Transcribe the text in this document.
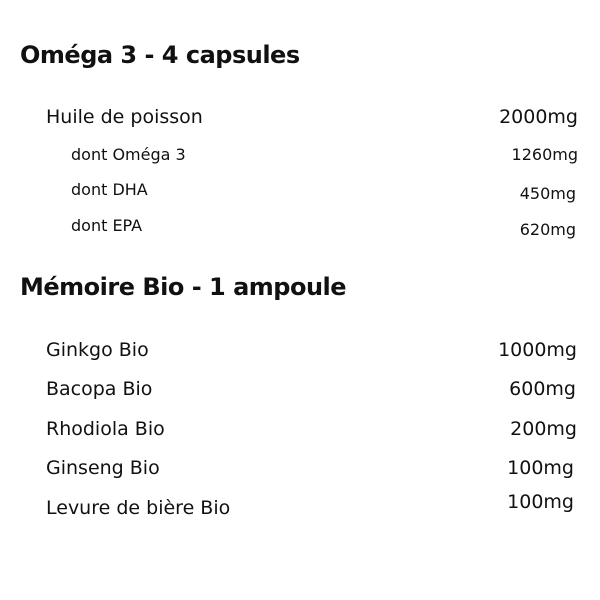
Oméga 3 - 4 capsules
Huile de poisson	2000mg
dont Oméga 3	1260mg
dont DHA	450mg
dont EPA	620mg
Mémoire Bio - 1 ampoule
Ginkgo Bio	1000mg
Bacopa Bio	600mg
Rhodiola Bio	200mg
Ginseng Bio	100mg
Levure de bière Bio	100mg
